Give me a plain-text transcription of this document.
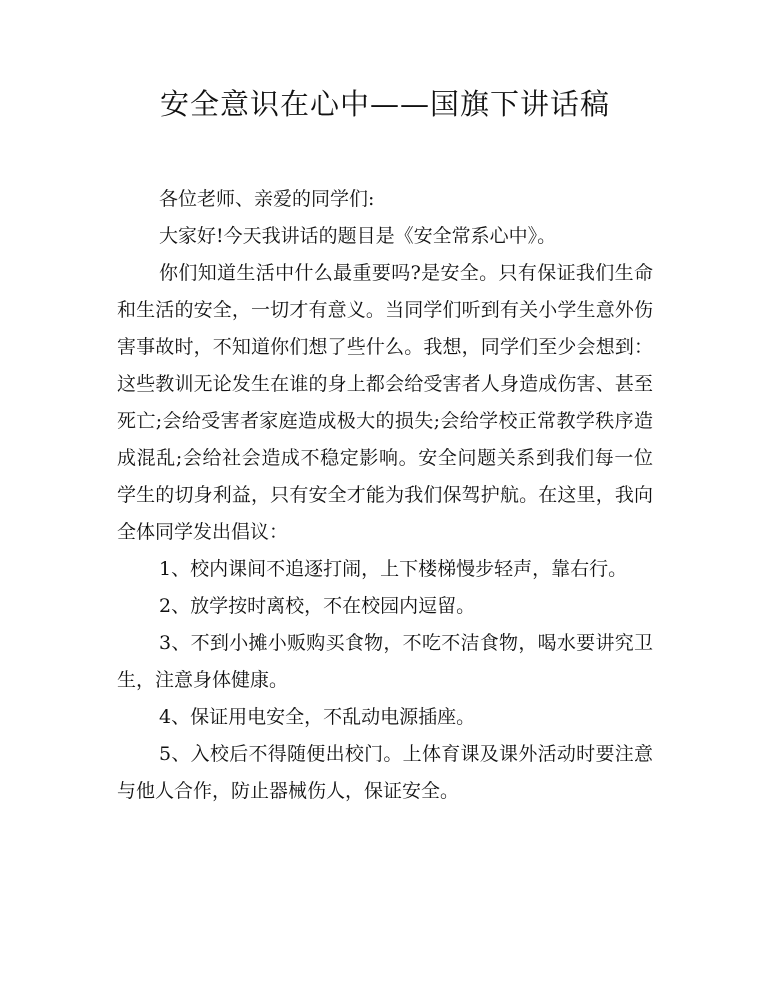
安全意识在心中——国旗下讲话稿

各位老师、亲爱的同学们:

大家好!今天我讲话的题目是《安全常系心中》。

你们知道生活中什么最重要吗?是安全。只有保证我们生命和生活的安全，一切才有意义。当同学们听到有关小学生意外伤害事故时，不知道你们想了些什么。我想，同学们至少会想到：这些教训无论发生在谁的身上都会给受害者人身造成伤害、甚至死亡;会给受害者家庭造成极大的损失;会给学校正常教学秩序造成混乱;会给社会造成不稳定影响。安全问题关系到我们每一位学生的切身利益，只有安全才能为我们保驾护航。在这里，我向全体同学发出倡议：

1、校内课间不追逐打闹，上下楼梯慢步轻声，靠右行。

2、放学按时离校，不在校园内逗留。

3、不到小摊小贩购买食物，不吃不洁食物，喝水要讲究卫生，注意身体健康。

4、保证用电安全，不乱动电源插座。

5、入校后不得随便出校门。上体育课及课外活动时要注意与他人合作，防止器械伤人，保证安全。
